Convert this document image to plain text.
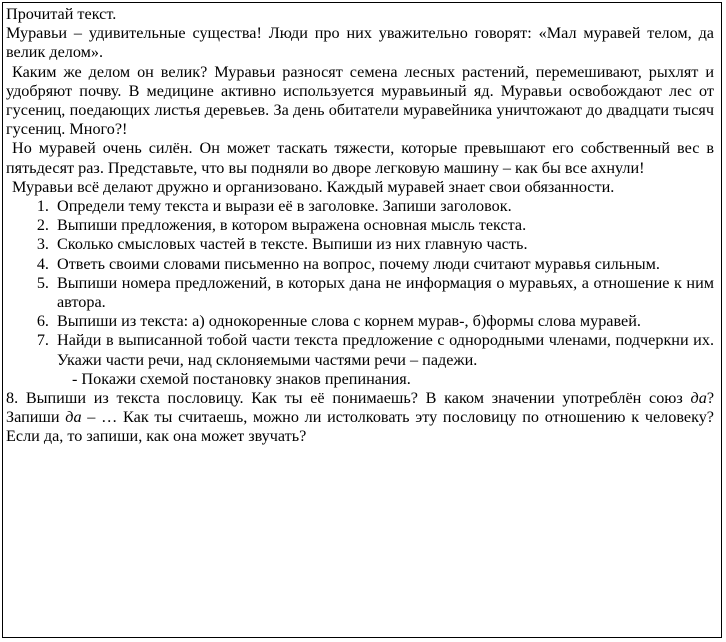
Прочитай текст.

Муравьи – удивительные существа! Люди про них уважительно говорят: «Мал муравей телом, да велик делом».

Каким же делом он велик? Муравьи разносят семена лесных растений, перемешивают, рыхлят и удобряют почву. В медицине активно используется муравьиный яд. Муравьи освобождают лес от гусениц, поедающих листья деревьев. За день обитатели муравейника уничтожают до двадцати тысяч гусениц. Много?!

Но муравей очень силён. Он может таскать тяжести, которые превышают его собственный вес в пятьдесят раз. Представьте, что вы подняли во дворе легковую машину – как бы все ахнули!

Муравьи всё делают дружно и организовано. Каждый муравей знает свои обязанности.

1. Определи тему текста и вырази её в заголовке. Запиши заголовок.
2. Выпиши предложения, в котором выражена основная мысль текста.
3. Сколько смысловых частей в тексте. Выпиши из них главную часть.
4. Ответь своими словами письменно на вопрос, почему люди считают муравья сильным.
5. Выпиши номера предложений, в которых дана не информация о муравьях, а отношение к ним автора.
6. Выпиши из текста: а) однокоренные слова с корнем мурав-, б)формы слова муравей.
7. Найди в выписанной тобой части текста предложение с однородными членами, подчеркни их. Укажи части речи, над склоняемыми частями речи – падежи.

- Покажи схемой постановку знаков препинания.

8. Выпиши из текста пословицу. Как ты её понимаешь? В каком значении употреблён союз да? Запиши да – … Как ты считаешь, можно ли истолковать эту пословицу по отношению к человеку? Если да, то запиши, как она может звучать?
